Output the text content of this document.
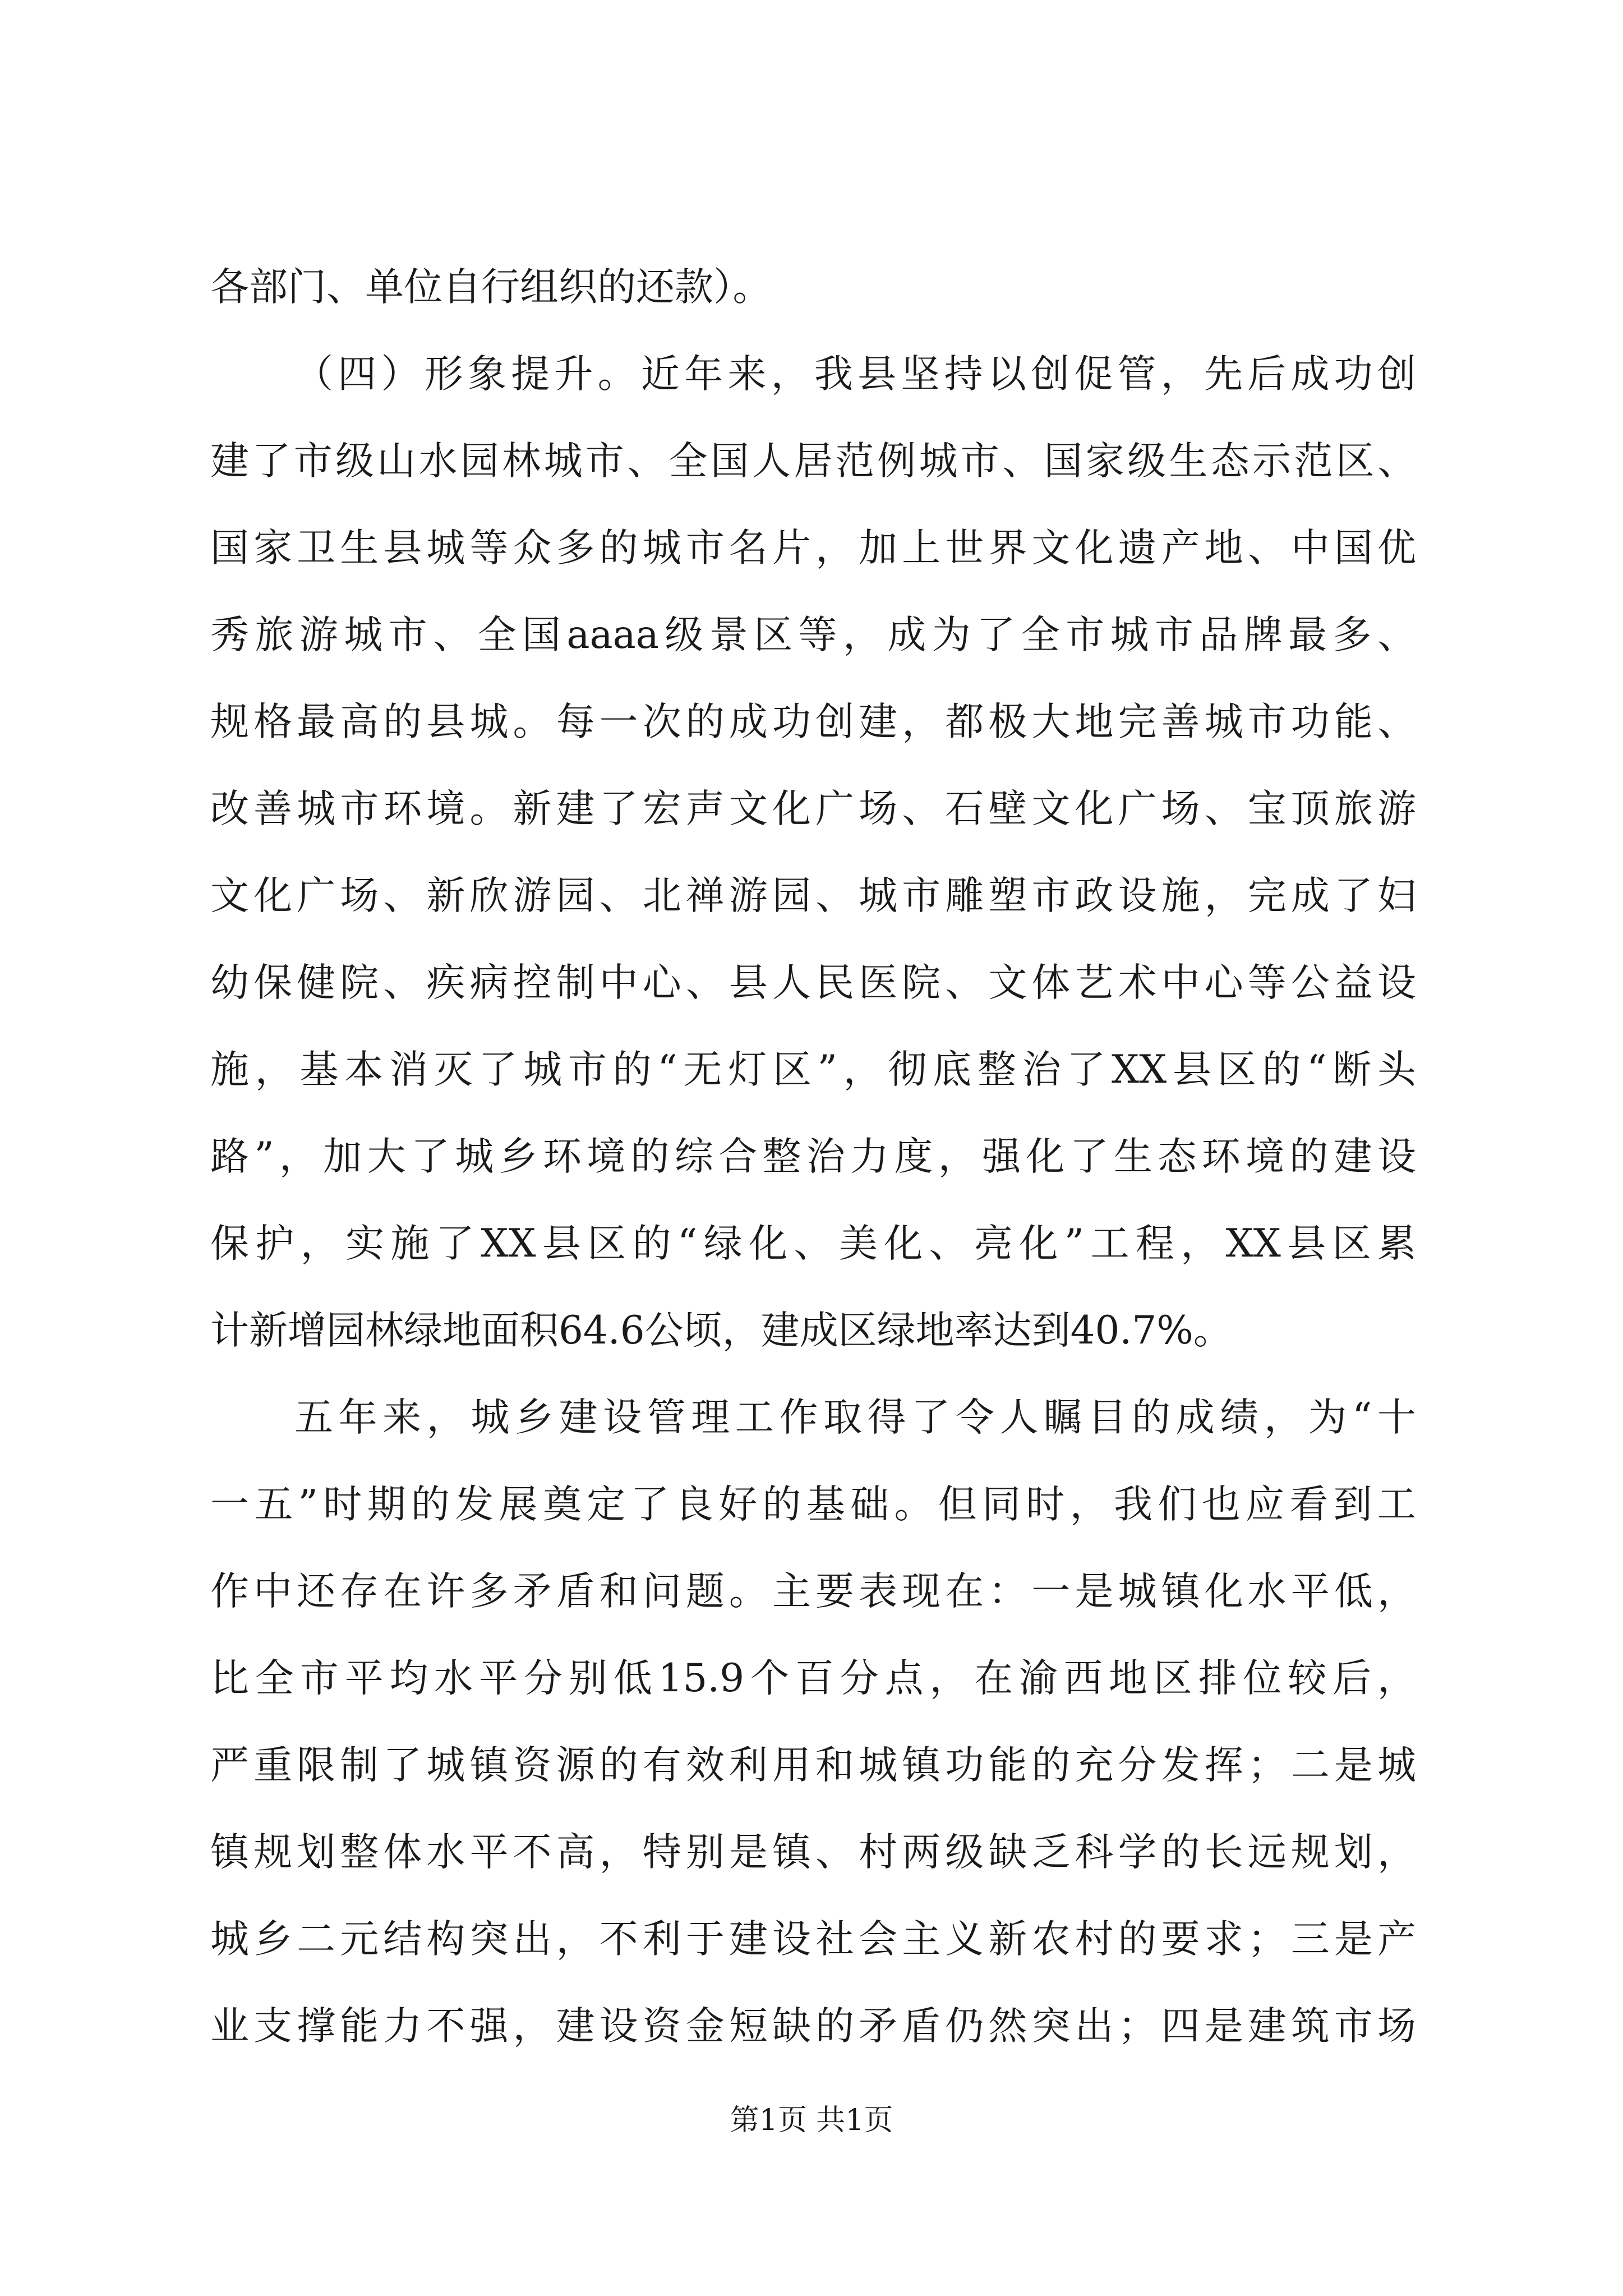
各部门、单位自行组织的还款）。
（四）形象提升。近年来，我县坚持以创促管，先后成功创
建了市级山水园林城市、全国人居范例城市、国家级生态示范区、
国家卫生县城等众多的城市名片，加上世界文化遗产地、中国优
秀旅游城市、全国aaaa级景区等，成为了全市城市品牌最多、
规格最高的县城。每一次的成功创建，都极大地完善城市功能、
改善城市环境。新建了宏声文化广场、石壁文化广场、宝顶旅游
文化广场、新欣游园、北禅游园、城市雕塑市政设施，完成了妇
幼保健院、疾病控制中心、县人民医院、文体艺术中心等公益设
施，基本消灭了城市的“无灯区”，彻底整治了XX县区的“断头
路”，加大了城乡环境的综合整治力度，强化了生态环境的建设
保护，实施了XX县区的“绿化、美化、亮化”工程，XX县区累
计新增园林绿地面积64.6公顷，建成区绿地率达到40.7%。
五年来，城乡建设管理工作取得了令人瞩目的成绩，为“十
一五”时期的发展奠定了良好的基础。但同时，我们也应看到工
作中还存在许多矛盾和问题。主要表现在：一是城镇化水平低，
比全市平均水平分别低15.9个百分点，在渝西地区排位较后，
严重限制了城镇资源的有效利用和城镇功能的充分发挥；二是城
镇规划整体水平不高，特别是镇、村两级缺乏科学的长远规划，
城乡二元结构突出，不利于建设社会主义新农村的要求；三是产
业支撑能力不强，建设资金短缺的矛盾仍然突出；四是建筑市场
第1页 共1页
